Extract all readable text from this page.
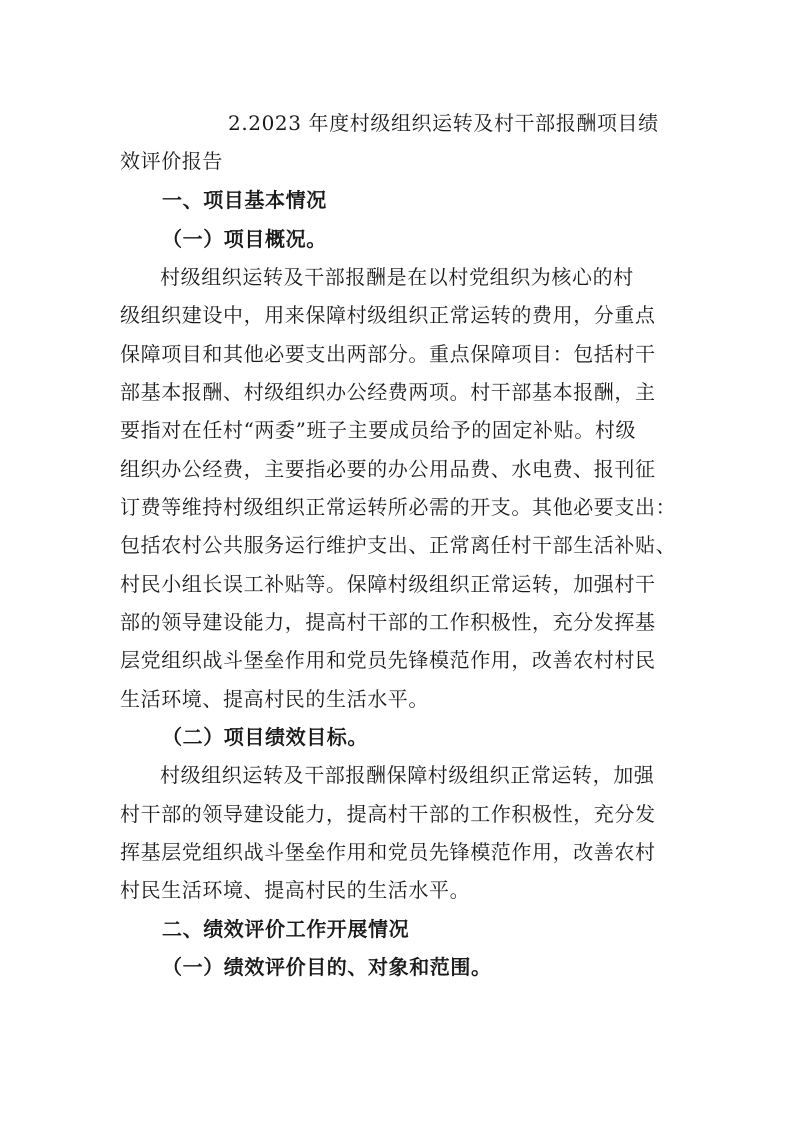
2.2023 年度村级组织运转及村干部报酬项目绩
效评价报告
一、项目基本情况
（一）项目概况。
村级组织运转及干部报酬是在以村党组织为核心的村
级组织建设中，用来保障村级组织正常运转的费用，分重点
保障项目和其他必要支出两部分。重点保障项目：包括村干
部基本报酬、村级组织办公经费两项。村干部基本报酬，主
要指对在任村“两委”班子主要成员给予的固定补贴。村级
组织办公经费，主要指必要的办公用品费、水电费、报刊征
订费等维持村级组织正常运转所必需的开支。其他必要支出：
包括农村公共服务运行维护支出、正常离任村干部生活补贴、
村民小组长误工补贴等。保障村级组织正常运转，加强村干
部的领导建设能力，提高村干部的工作积极性，充分发挥基
层党组织战斗堡垒作用和党员先锋模范作用，改善农村村民
生活环境、提高村民的生活水平。
（二）项目绩效目标。
村级组织运转及干部报酬保障村级组织正常运转，加强
村干部的领导建设能力，提高村干部的工作积极性，充分发
挥基层党组织战斗堡垒作用和党员先锋模范作用，改善农村
村民生活环境、提高村民的生活水平。
二、绩效评价工作开展情况
（一）绩效评价目的、对象和范围。
